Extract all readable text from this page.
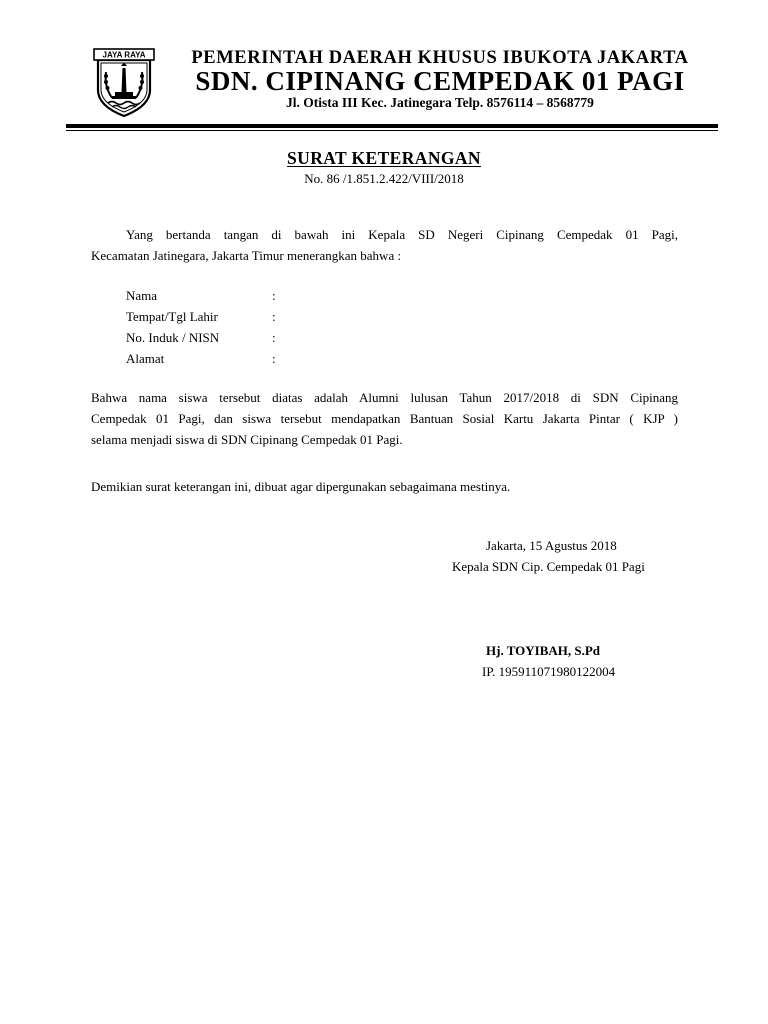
JAYA RAYA	PEMERINTAH DAERAH KHUSUS IBUKOTA JAKARTA
SDN. CIPINANG CEMPEDAK 01 PAGI
Jl. Otista III Kec. Jatinegara Telp. 8576114 – 8568779
SURAT KETERANGAN
No. 86 /1.851.2.422/VIII/2018
Yang bertanda tangan di bawah ini Kepala SD Negeri Cipinang Cempedak 01 Pagi,
Kecamatan Jatinegara, Jakarta Timur menerangkan bahwa :
Nama	:
Tempat/Tgl Lahir	:
No. Induk / NISN	:
Alamat	:
Bahwa nama siswa tersebut diatas adalah Alumni lulusan Tahun 2017/2018 di SDN Cipinang
Cempedak 01 Pagi, dan siswa tersebut mendapatkan Bantuan Sosial Kartu Jakarta Pintar ( KJP )
selama menjadi siswa di SDN Cipinang Cempedak 01 Pagi.
Demikian surat keterangan ini, dibuat agar dipergunakan sebagaimana mestinya.
Jakarta, 15 Agustus 2018
Kepala SDN Cip. Cempedak 01 Pagi
Hj. TOYIBAH, S.Pd
IP. 195911071980122004
